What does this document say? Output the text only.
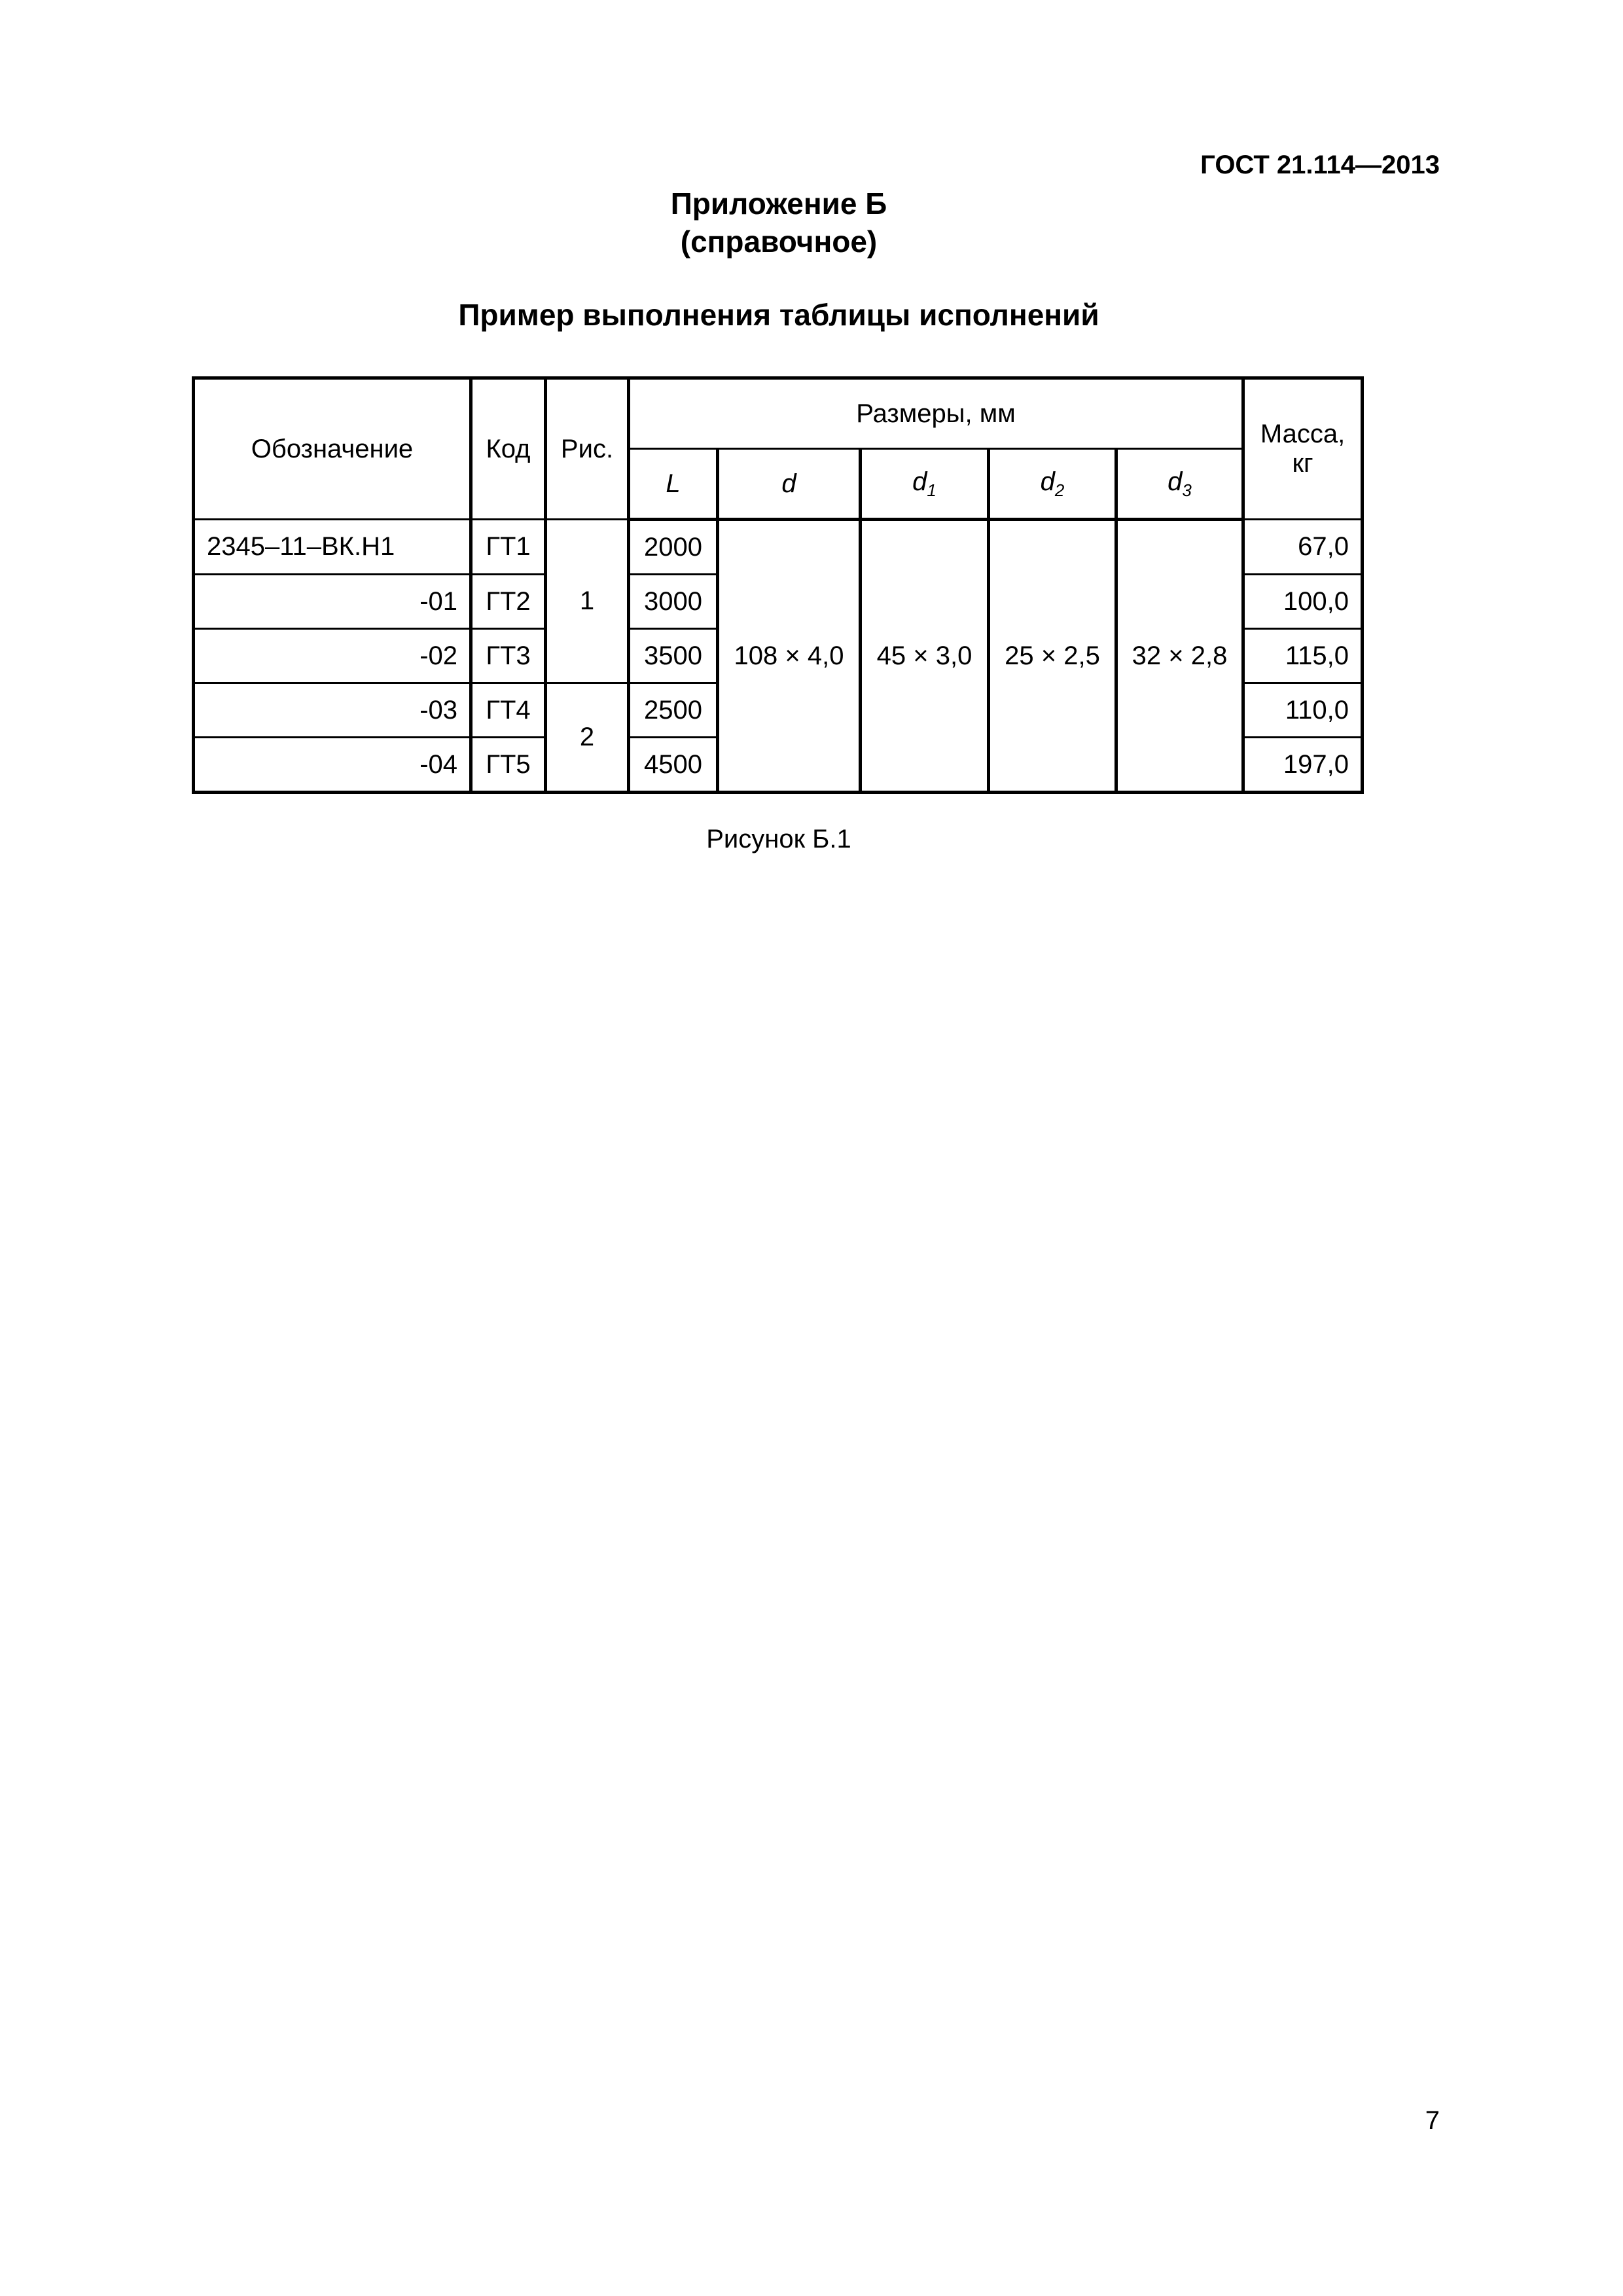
ГОСТ 21.114—2013

Приложение Б

(справочное)

Пример выполнения таблицы исполнений

Обозначение	Код	Рис.	Размеры, мм					Масса, кг
			L	d	$d_1$	$d_2$	$d_3$
2345–11–ВК.Н1	ГТ1	1	2000	108 × 4,0	45 × 3,0	25 × 2,5	32 × 2,8	67,0
-01	ГТ2		3000					100,0
-02	ГТ3		3500					115,0
-03	ГТ4	2	2500					110,0
-04	ГТ5		4500					197,0

Рисунок Б.1

7
